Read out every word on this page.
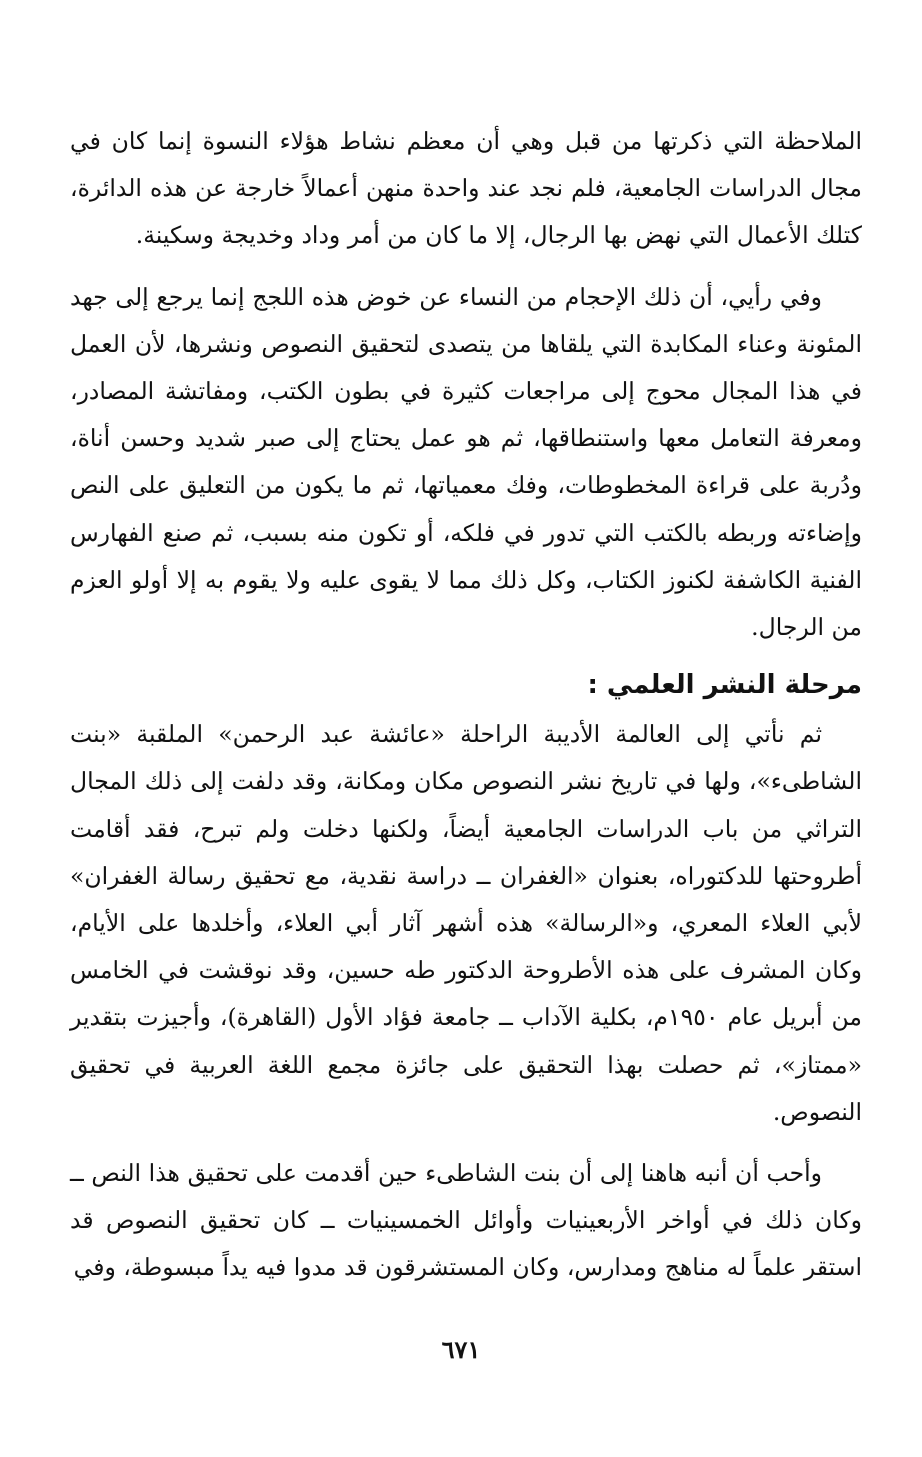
الملاحظة التي ذكرتها من قبل وهي أن معظم نشاط هؤلاء النسوة إنما كان في مجال الدراسات الجامعية، فلم نجد عند واحدة منهن أعمالاً خارجة عن هذه الدائرة، كتلك الأعمال التي نهض بها الرجال، إلا ما كان من أمر وداد وخديجة وسكينة.

وفي رأيي، أن ذلك الإحجام من النساء عن خوض هذه اللجج إنما يرجع إلى جهد المئونة وعناء المكابدة التي يلقاها من يتصدى لتحقيق النصوص ونشرها، لأن العمل في هذا المجال محوج إلى مراجعات كثيرة في بطون الكتب، ومفاتشة المصادر، ومعرفة التعامل معها واستنطاقها، ثم هو عمل يحتاج إلى صبر شديد وحسن أناة، ودُربة على قراءة المخطوطات، وفك معمياتها، ثم ما يكون من التعليق على النص وإضاءته وربطه بالكتب التي تدور في فلكه، أو تكون منه بسبب، ثم صنع الفهارس الفنية الكاشفة لكنوز الكتاب، وكل ذلك مما لا يقوى عليه ولا يقوم به إلا أولو العزم من الرجال.

مرحلة النشر العلمي :

ثم نأتي إلى العالمة الأديبة الراحلة «عائشة عبد الرحمن» الملقبة «بنت الشاطىء»، ولها في تاريخ نشر النصوص مكان ومكانة، وقد دلفت إلى ذلك المجال التراثي من باب الدراسات الجامعية أيضاً، ولكنها دخلت ولم تبرح، فقد أقامت أطروحتها للدكتوراه، بعنوان «الغفران ــ دراسة نقدية، مع تحقيق رسالة الغفران» لأبي العلاء المعري، و«الرسالة» هذه أشهر آثار أبي العلاء، وأخلدها على الأيام، وكان المشرف على هذه الأطروحة الدكتور طه حسين، وقد نوقشت في الخامس من أبريل عام ١٩٥٠م، بكلية الآداب ــ جامعة فؤاد الأول (القاهرة)، وأجيزت بتقدير «ممتاز»، ثم حصلت بهذا التحقيق على جائزة مجمع اللغة العربية في تحقيق النصوص.

وأحب أن أنبه هاهنا إلى أن بنت الشاطىء حين أقدمت على تحقيق هذا النص ــ وكان ذلك في أواخر الأربعينيات وأوائل الخمسينيات ــ كان تحقيق النصوص قد استقر علماً له مناهج ومدارس، وكان المستشرقون قد مدوا فيه يداً مبسوطة، وفي

٦٧١
